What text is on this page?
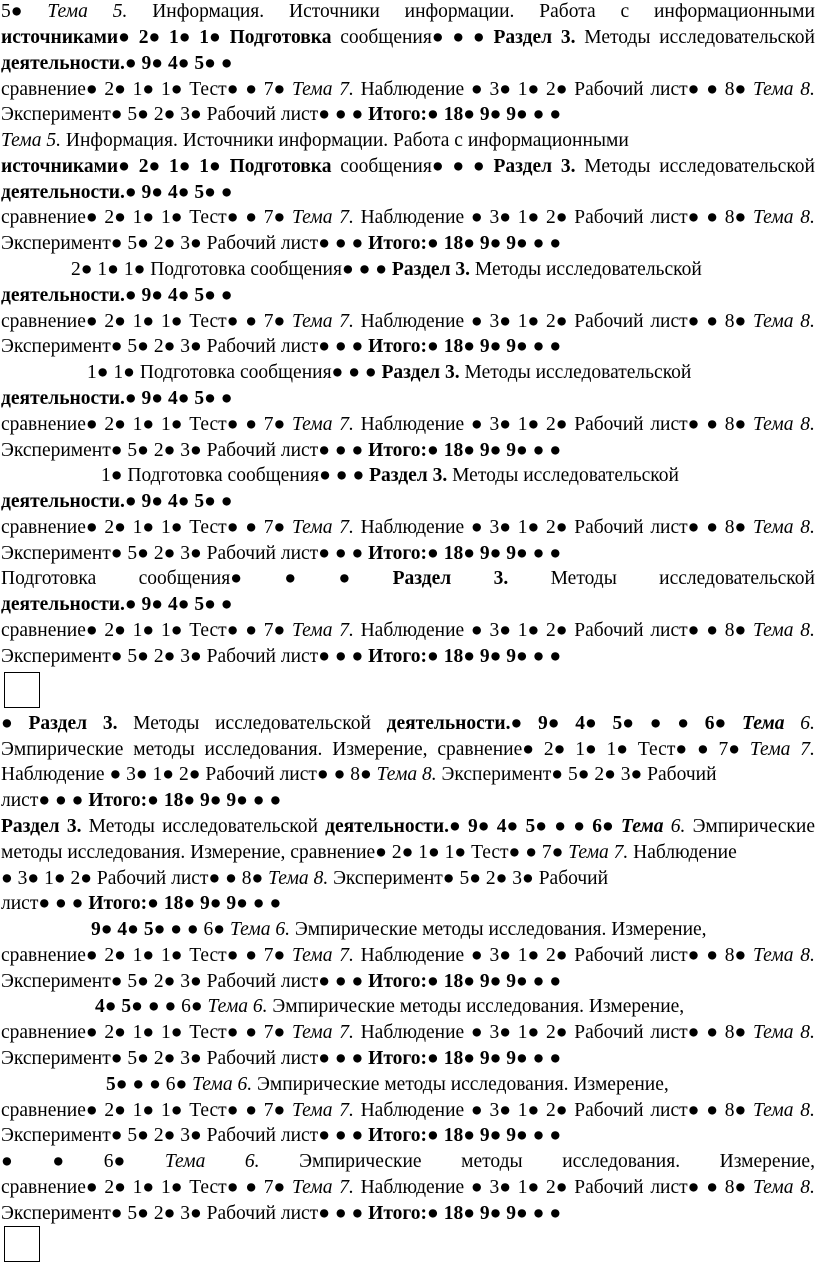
5● Тема 5. Информация. Источники информации. Работа с информационными
источниками● 2● 1● 1● Подготовка сообщения● ● ● Раздел 3. Методы исследовательской
деятельности.● 9● 4● 5● ●
сравнение● 2● 1● 1● Тест● ● 7● Тема 7. Наблюдение ● 3● 1● 2● Рабочий лист● ● 8● Тема 8.
Эксперимент● 5● 2● 3● Рабочий лист● ● ● Итого:● 18● 9● 9● ● ●
Тема 5. Информация. Источники информации. Работа с информационными
источниками● 2● 1● 1● Подготовка сообщения● ● ● Раздел 3. Методы исследовательской
деятельности.● 9● 4● 5● ●
сравнение● 2● 1● 1● Тест● ● 7● Тема 7. Наблюдение ● 3● 1● 2● Рабочий лист● ● 8● Тема 8.
Эксперимент● 5● 2● 3● Рабочий лист● ● ● Итого:● 18● 9● 9● ● ●
2● 1● 1● Подготовка сообщения● ● ● Раздел 3. Методы исследовательской
деятельности.● 9● 4● 5● ●
сравнение● 2● 1● 1● Тест● ● 7● Тема 7. Наблюдение ● 3● 1● 2● Рабочий лист● ● 8● Тема 8.
Эксперимент● 5● 2● 3● Рабочий лист● ● ● Итого:● 18● 9● 9● ● ●
1● 1● Подготовка сообщения● ● ● Раздел 3. Методы исследовательской
деятельности.● 9● 4● 5● ●
сравнение● 2● 1● 1● Тест● ● 7● Тема 7. Наблюдение ● 3● 1● 2● Рабочий лист● ● 8● Тема 8.
Эксперимент● 5● 2● 3● Рабочий лист● ● ● Итого:● 18● 9● 9● ● ●
1● Подготовка сообщения● ● ● Раздел 3. Методы исследовательской
деятельности.● 9● 4● 5● ●
сравнение● 2● 1● 1● Тест● ● 7● Тема 7. Наблюдение ● 3● 1● 2● Рабочий лист● ● 8● Тема 8.
Эксперимент● 5● 2● 3● Рабочий лист● ● ● Итого:● 18● 9● 9● ● ●
Подготовка сообщения● ● ● Раздел 3. Методы исследовательской
деятельности.● 9● 4● 5● ●
сравнение● 2● 1● 1● Тест● ● 7● Тема 7. Наблюдение ● 3● 1● 2● Рабочий лист● ● 8● Тема 8.
Эксперимент● 5● 2● 3● Рабочий лист● ● ● Итого:● 18● 9● 9● ● ●
● Раздел 3. Методы исследовательской деятельности.● 9● 4● 5● ● ● 6● Тема 6.
Эмпирические методы исследования. Измерение, сравнение● 2● 1● 1● Тест● ● 7● Тема 7.
Наблюдение ● 3● 1● 2● Рабочий лист● ● 8● Тема 8. Эксперимент● 5● 2● 3● Рабочий
лист● ● ● Итого:● 18● 9● 9● ● ●
Раздел 3. Методы исследовательской деятельности.● 9● 4● 5● ● ● 6● Тема 6. Эмпирические
методы исследования. Измерение, сравнение● 2● 1● 1● Тест● ● 7● Тема 7. Наблюдение
● 3● 1● 2● Рабочий лист● ● 8● Тема 8. Эксперимент● 5● 2● 3● Рабочий
лист● ● ● Итого:● 18● 9● 9● ● ●
9● 4● 5● ● ● 6● Тема 6. Эмпирические методы исследования. Измерение,
сравнение● 2● 1● 1● Тест● ● 7● Тема 7. Наблюдение ● 3● 1● 2● Рабочий лист● ● 8● Тема 8.
Эксперимент● 5● 2● 3● Рабочий лист● ● ● Итого:● 18● 9● 9● ● ●
4● 5● ● ● 6● Тема 6. Эмпирические методы исследования. Измерение,
сравнение● 2● 1● 1● Тест● ● 7● Тема 7. Наблюдение ● 3● 1● 2● Рабочий лист● ● 8● Тема 8.
Эксперимент● 5● 2● 3● Рабочий лист● ● ● Итого:● 18● 9● 9● ● ●
5● ● ● 6● Тема 6. Эмпирические методы исследования. Измерение,
сравнение● 2● 1● 1● Тест● ● 7● Тема 7. Наблюдение ● 3● 1● 2● Рабочий лист● ● 8● Тема 8.
Эксперимент● 5● 2● 3● Рабочий лист● ● ● Итого:● 18● 9● 9● ● ●
● ● 6● Тема 6. Эмпирические методы исследования. Измерение,
сравнение● 2● 1● 1● Тест● ● 7● Тема 7. Наблюдение ● 3● 1● 2● Рабочий лист● ● 8● Тема 8.
Эксперимент● 5● 2● 3● Рабочий лист● ● ● Итого:● 18● 9● 9● ● ●
